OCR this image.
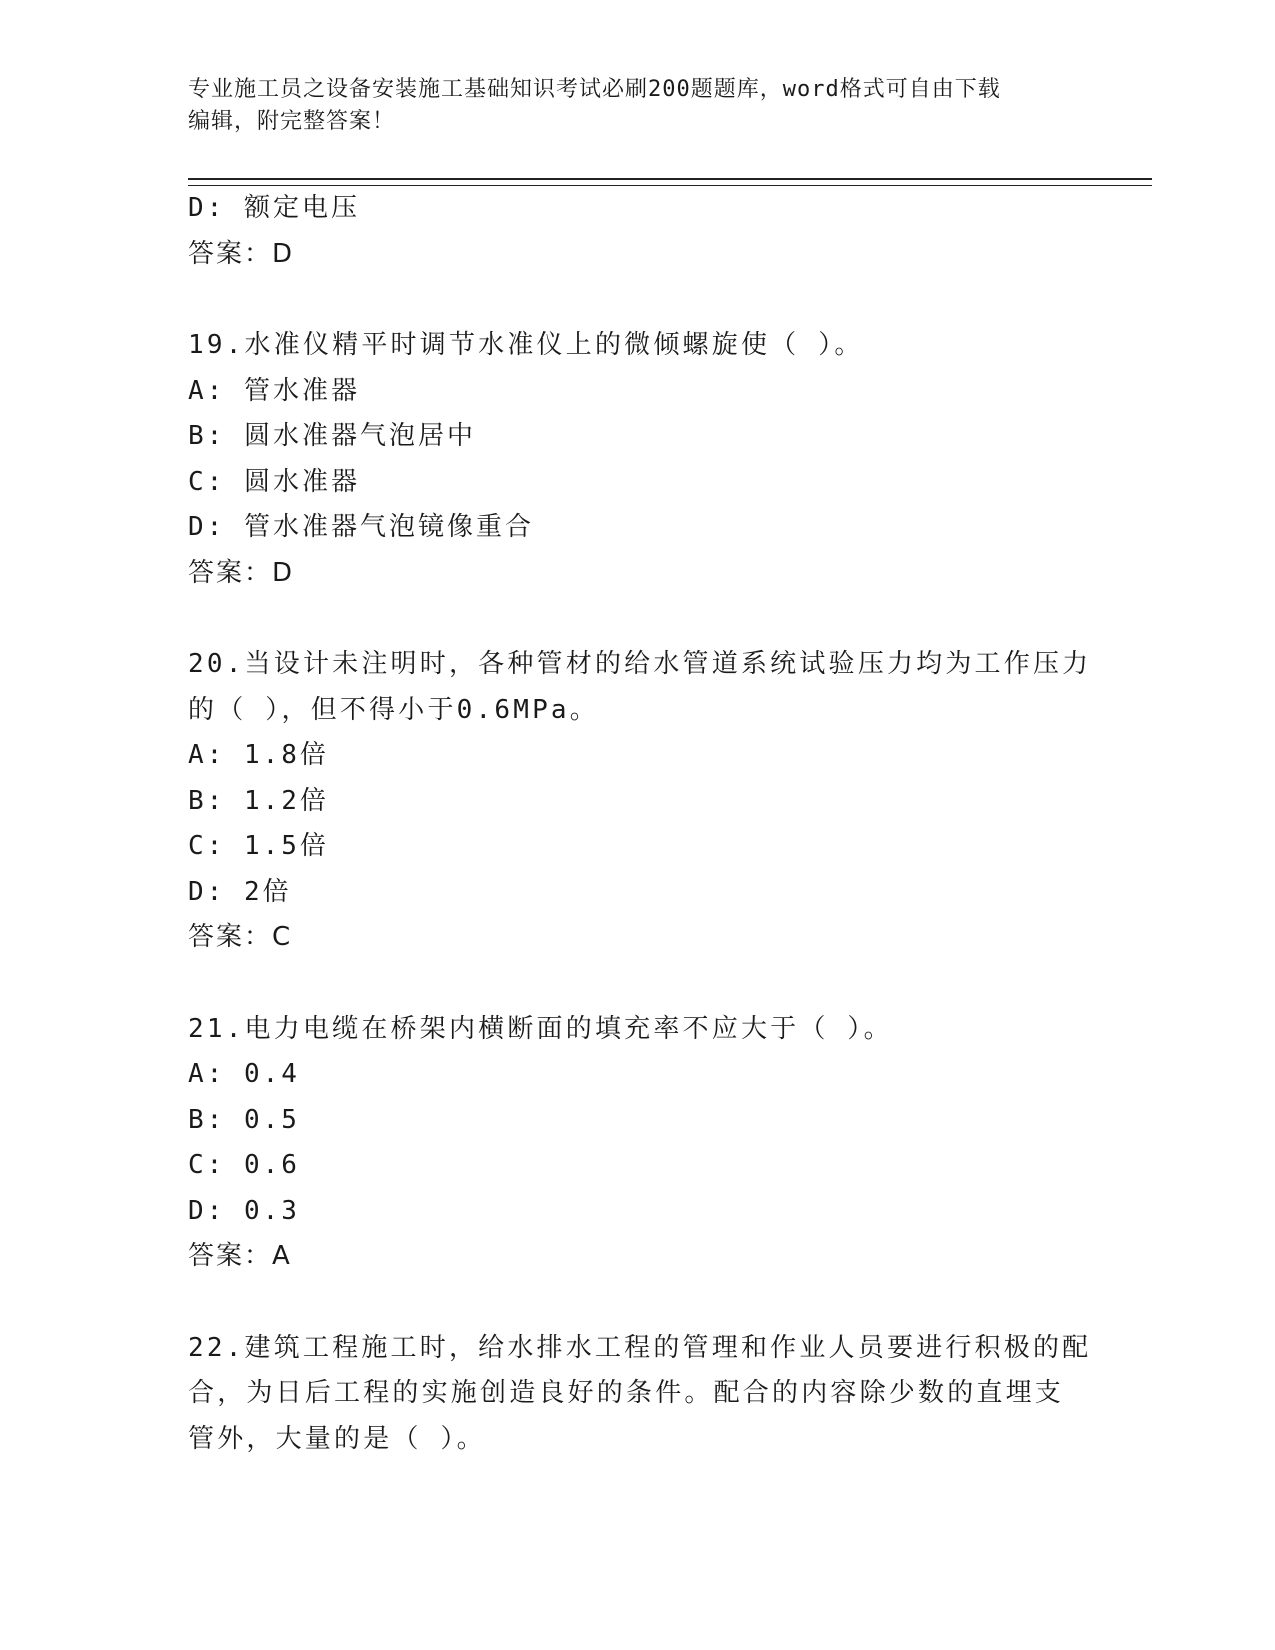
专业施工员之设备安装施工基础知识考试必刷200题题库，word格式可自由下载
编辑，附完整答案！
D: 额定电压
答案：D
19.水准仪精平时调节水准仪上的微倾螺旋使（ ）。
A: 管水准器
B: 圆水准器气泡居中
C: 圆水准器
D: 管水准器气泡镜像重合
答案：D
20.当设计未注明时，各种管材的给水管道系统试验压力均为工作压力
的（ ），但不得小于0.6MPa。
A: 1.8倍
B: 1.2倍
C: 1.5倍
D: 2倍
答案：C
21.电力电缆在桥架内横断面的填充率不应大于（ ）。
A: 0.4
B: 0.5
C: 0.6
D: 0.3
答案：A
22.建筑工程施工时，给水排水工程的管理和作业人员要进行积极的配
合，为日后工程的实施创造良好的条件。配合的内容除少数的直埋支
管外，大量的是（ ）。
